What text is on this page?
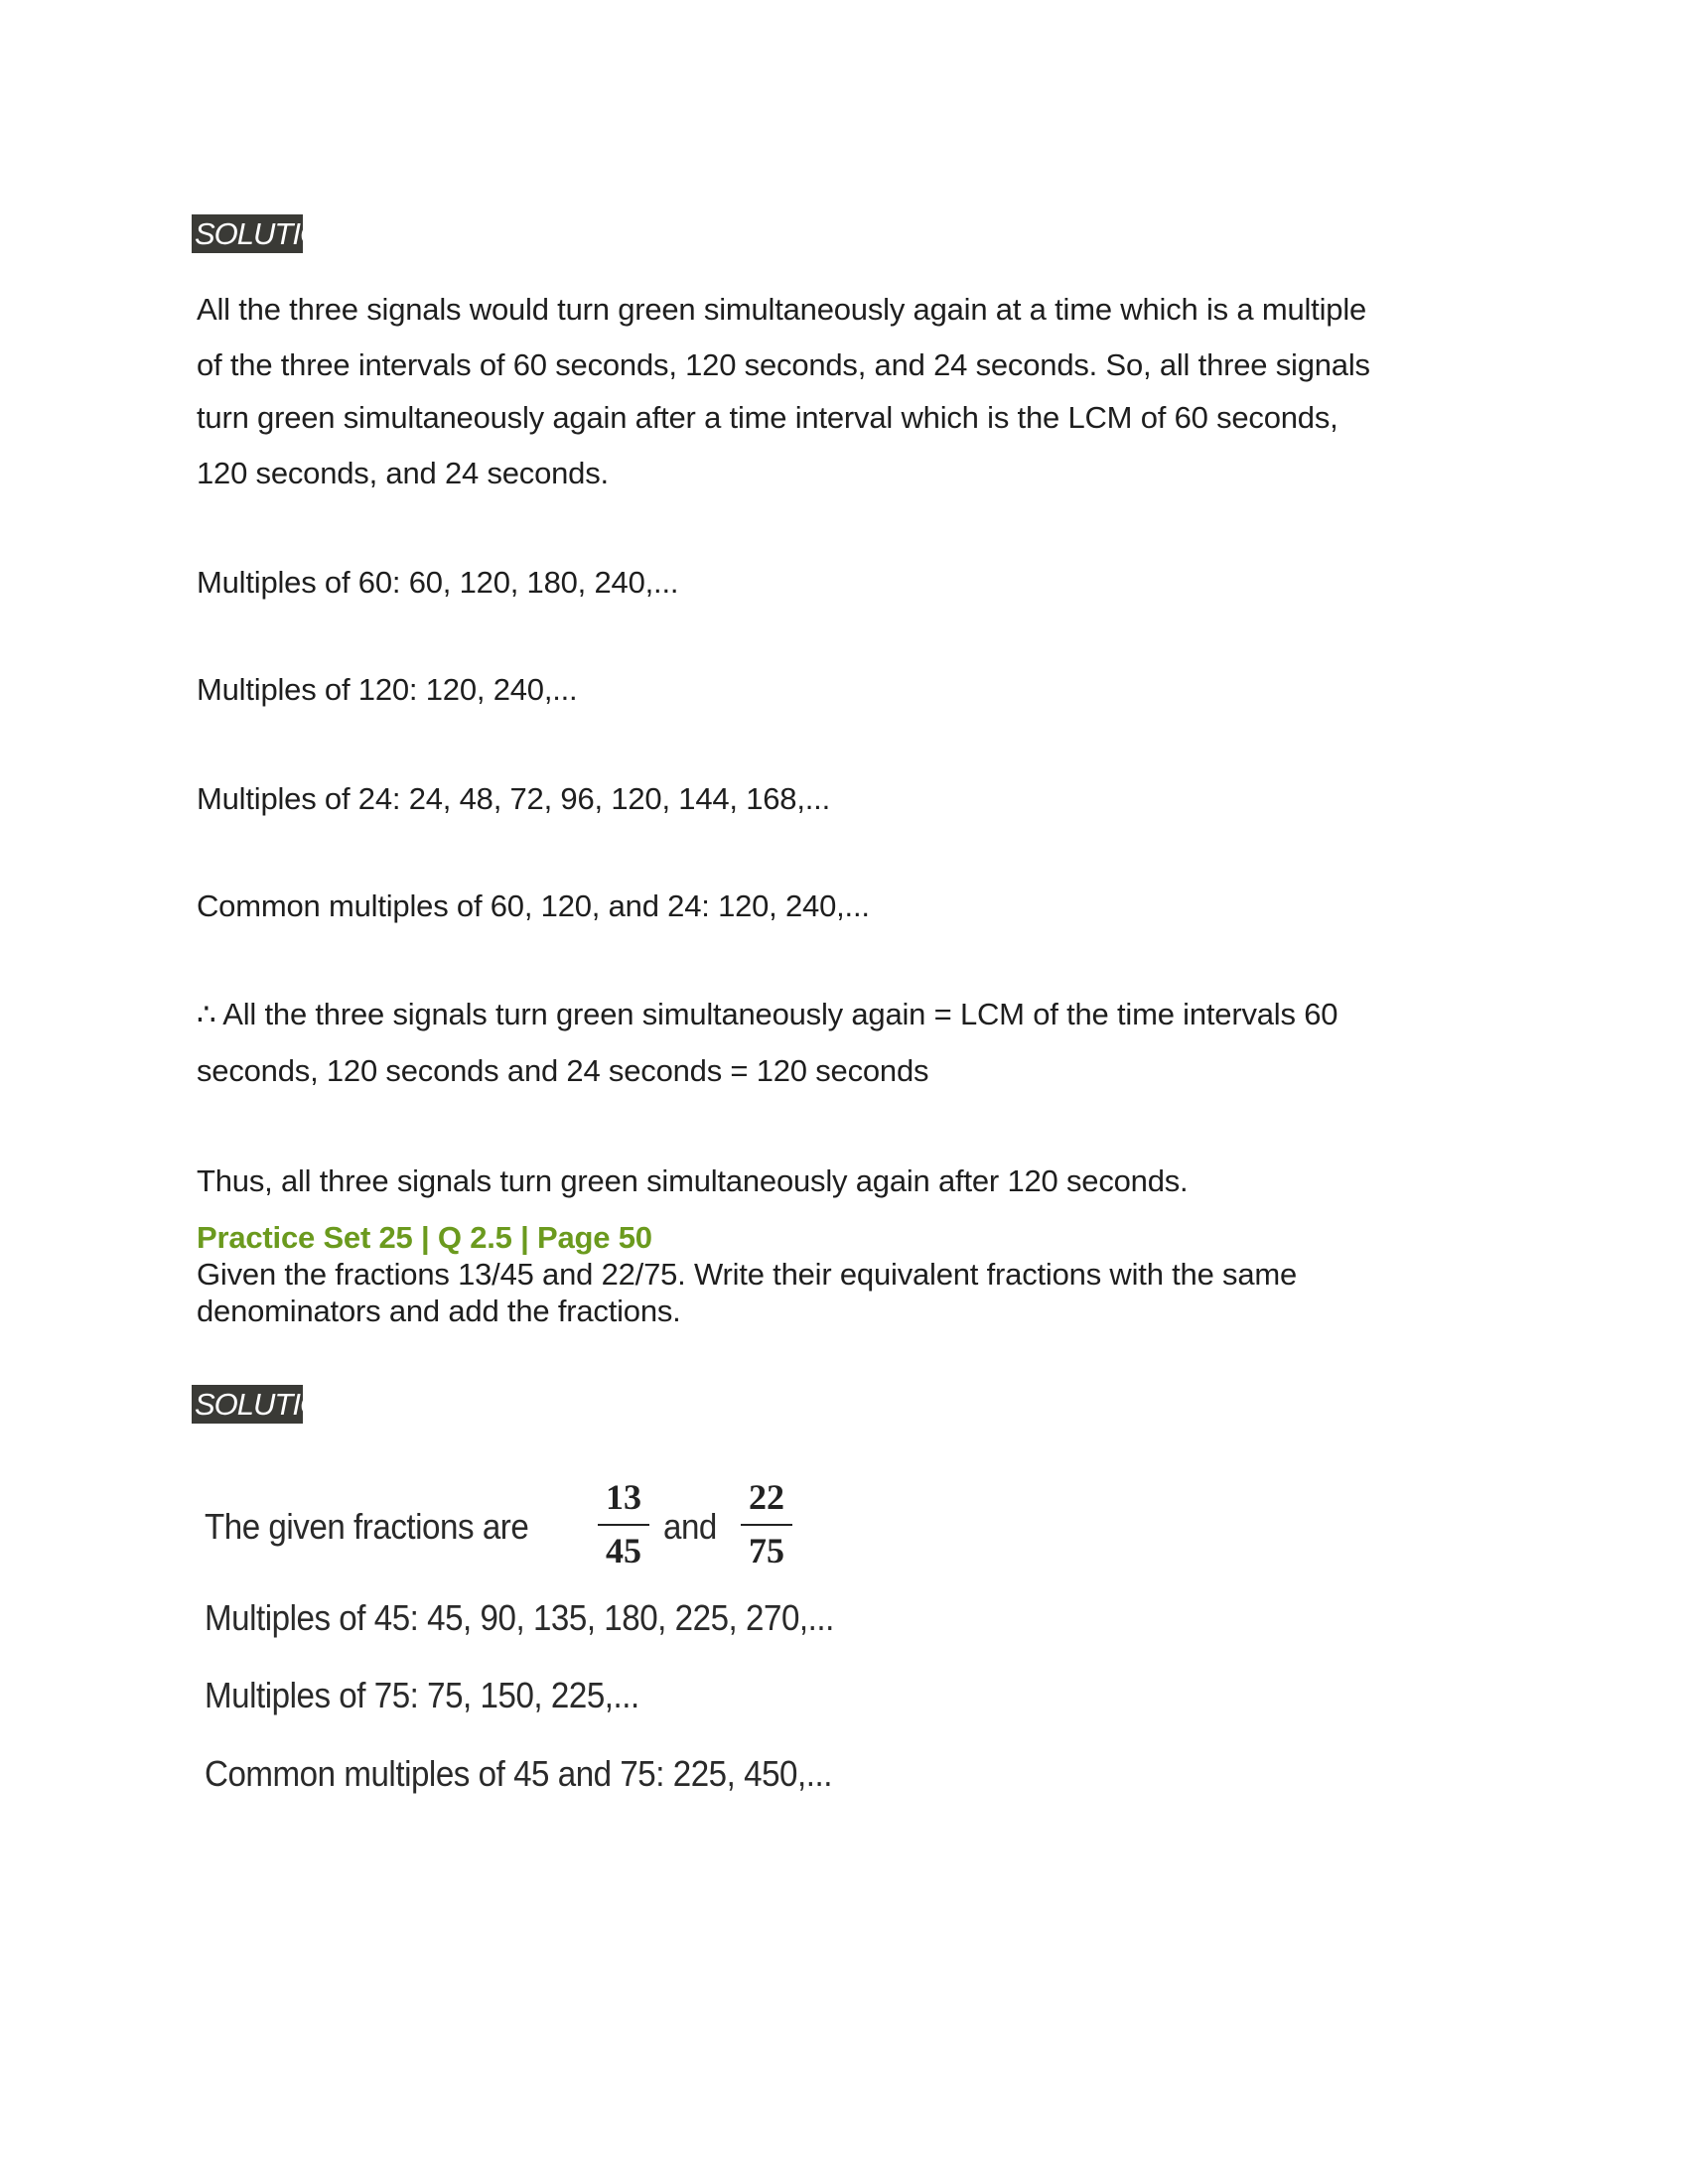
SOLUTION
All the three signals would turn green simultaneously again at a time which is a multiple
of the three intervals of 60 seconds, 120 seconds, and 24 seconds. So, all three signals
turn green simultaneously again after a time interval which is the LCM of 60 seconds,
120 seconds, and 24 seconds.
Multiples of 60: 60, 120, 180, 240,...
Multiples of 120: 120, 240,...
Multiples of 24: 24, 48, 72, 96, 120, 144, 168,...
Common multiples of 60, 120, and 24: 120, 240,...
∴ All the three signals turn green simultaneously again = LCM of the time intervals 60
seconds, 120 seconds and 24 seconds = 120 seconds
Thus, all three signals turn green simultaneously again after 120 seconds.
Practice Set 25 | Q 2.5 | Page 50
Given the fractions 13/45 and 22/75. Write their equivalent fractions with the same
denominators and add the fractions.
SOLUTION
The given fractions are
13
45
and
22
75
Multiples of 45: 45, 90, 135, 180, 225, 270,...
Multiples of 75: 75, 150, 225,...
Common multiples of 45 and 75: 225, 450,...
